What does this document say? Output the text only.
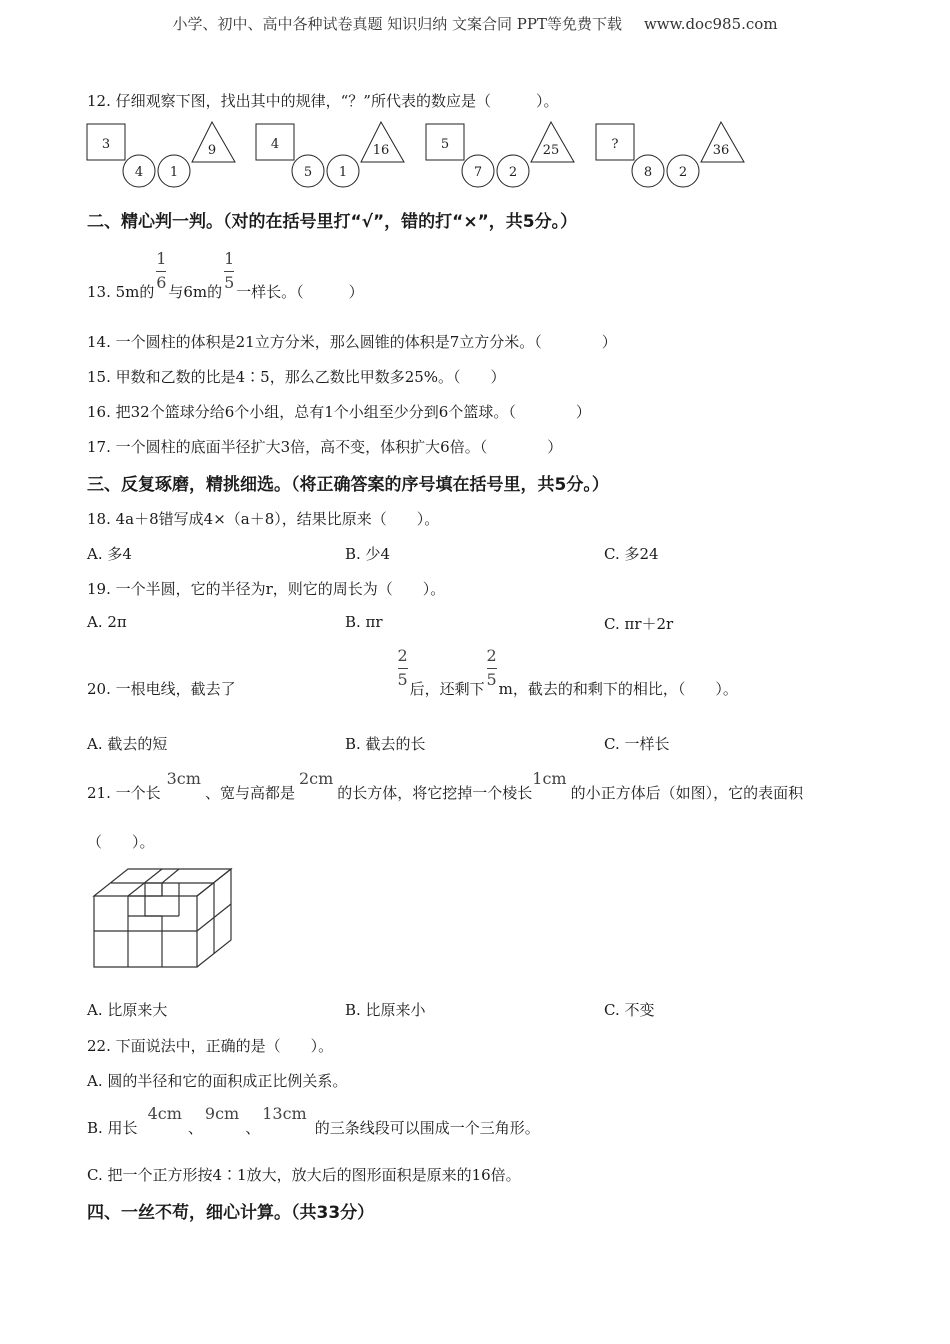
小学、初中、高中各种试卷真题 知识归纳 文案合同 PPT等免费下载 www.doc985.com
12. 仔细观察下图，找出其中的规律，“？”所代表的数应是（　　　）。
3
4 1
9	4
5 1
16	5
7 2
25	?
8 2
36
二、精心判一判。（对的在括号里打“√”，错的打“×”，共5分。）
13. 5m的 $\frac{1}{6}$ 与6m的 $\frac{1}{5}$ 一样长。（　　　）
14. 一个圆柱的体积是21立方分米，那么圆锥的体积是7立方分米。（　　　　）
15. 甲数和乙数的比是4∶5，那么乙数比甲数多25%。（　　）
16. 把32个篮球分给6个小组，总有1个小组至少分到6个篮球。（　　　　）
17. 一个圆柱的底面半径扩大3倍，高不变，体积扩大6倍。（　　　　）
三、反复琢磨，精挑细选。（将正确答案的序号填在括号里，共5分。）
18. 4a＋8错写成4×（a＋8），结果比原来（　　）。
A. 多4	B. 少4	C. 多24
19. 一个半圆，它的半径为r，则它的周长为（　　）。
A. 2π	B. πr	C. πr＋2r
20. 一根电线，截去了	$\frac{2}{5}$ 后，还剩下 $\frac{2}{5}$ m，截去的和剩下的相比，（　　）。
A. 截去的短	B. 截去的长	C. 一样长
21. 一个长3cm、宽与高都是2cm的长方体，将它挖掉一个棱长1cm的小正方体后（如图），它的表面积
（　　）。
A. 比原来大	B. 比原来小	C. 不变
22. 下面说法中，正确的是（　　）。
A. 圆的半径和它的面积成正比例关系。
B. 用长4cm、9cm、13cm的三条线段可以围成一个三角形。
C. 把一个正方形按4∶1放大，放大后的图形面积是原来的16倍。
四、一丝不苟，细心计算。（共33分）
